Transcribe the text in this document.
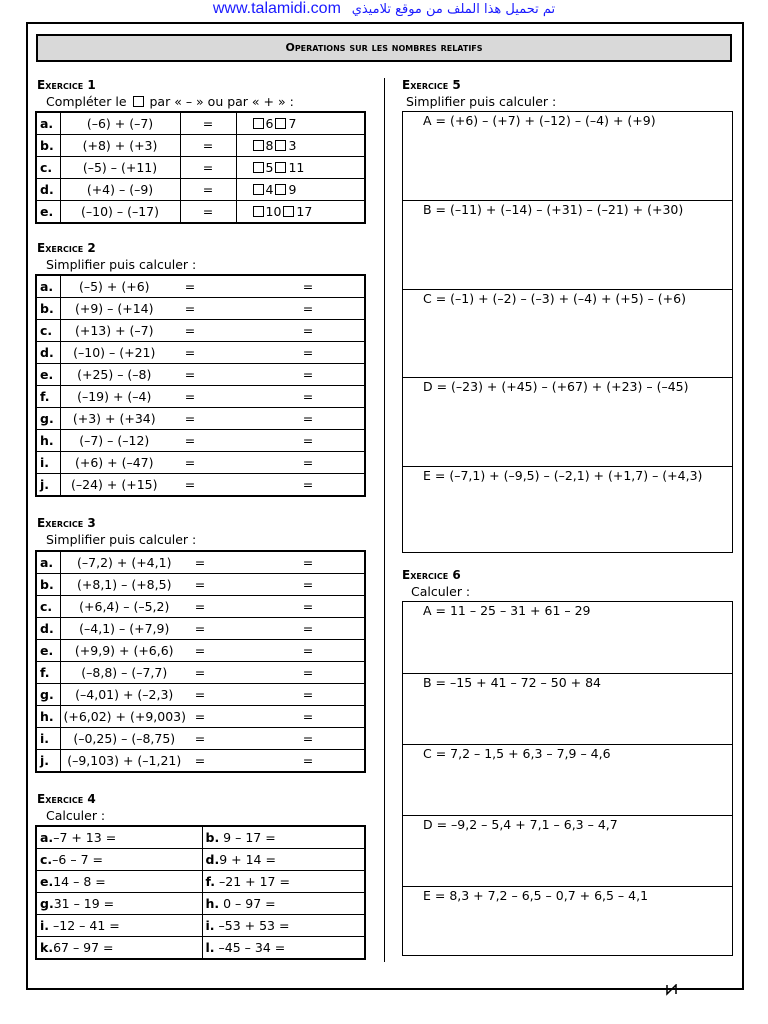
www.talamidi.com تم تحميل هذا الملف من موقع تلاميذي
Operations sur les nombres relatifs
Exercice 1
Compléter le par « – » ou par « + » :
a.	(–6) + (–7)	=	6 7
b.	(+8) + (+3)	=	8 3
c.	(–5) – (+11)	=	5 11
d.	(+4) – (–9)	=	4 9
e.	(–10) – (–17)	=	10 17
Exercice 2
Simplifier puis calculer :
a.	(–5) + (+6)	=		=	
b.	(+9) – (+14)	=		=	
c.	(+13) + (–7)	=		=	
d.	(–10) – (+21)	=		=	
e.	(+25) – (–8)	=		=	
f.	(–19) + (–4)	=		=	
g.	(+3) + (+34)	=		=	
h.	(–7) – (–12)	=		=	
i.	(+6) + (–47)	=		=	
j.	(–24) + (+15)	=		=	
Exercice 3
Simplifier puis calculer :
a.	(–7,2) + (+4,1)	=		=	
b.	(+8,1) – (+8,5)	=		=	
c.	(+6,4) – (–5,2)	=		=	
d.	(–4,1) – (+7,9)	=		=	
e.	(+9,9) + (+6,6)	=		=	
f.	(–8,8) – (–7,7)	=		=	
g.	(–4,01) + (–2,3)	=		=	
h.	(+6,02) + (+9,003)	=		=	
i.	(–0,25) – (–8,75)	=		=	
j.	(–9,103) + (–1,21)	=		=	
Exercice 4
Calculer :
a.–7 + 13 =	b. 9 – 17 =
c.–6 – 7 =	d.9 + 14 =
e.14 – 8 =	f. –21 + 17 =
g.31 – 19 =	h. 0 – 97 =
i. –12 – 41 =	i. –53 + 53 =
k.67 – 97 =	l. –45 – 34 =
Exercice 5
Simplifier puis calculer :
A = (+6) – (+7) + (–12) – (–4) + (+9)
B = (–11) + (–14) – (+31) – (–21) + (+30)
C = (–1) + (–2) – (–3) + (–4) + (+5) – (+6)
D = (–23) + (+45) – (+67) + (+23) – (–45)
E = (–7,1) + (–9,5) – (–2,1) + (+1,7) – (+4,3)
Exercice 6
Calculer :
A = 11 – 25 – 31 + 61 – 29
B = –15 + 41 – 72 – 50 + 84
C = 7,2 – 1,5 + 6,3 – 7,9 – 4,6
D = –9,2 – 5,4 + 7,1 – 6,3 – 4,7
E = 8,3 + 7,2 – 6,5 – 0,7 + 6,5 – 4,1
